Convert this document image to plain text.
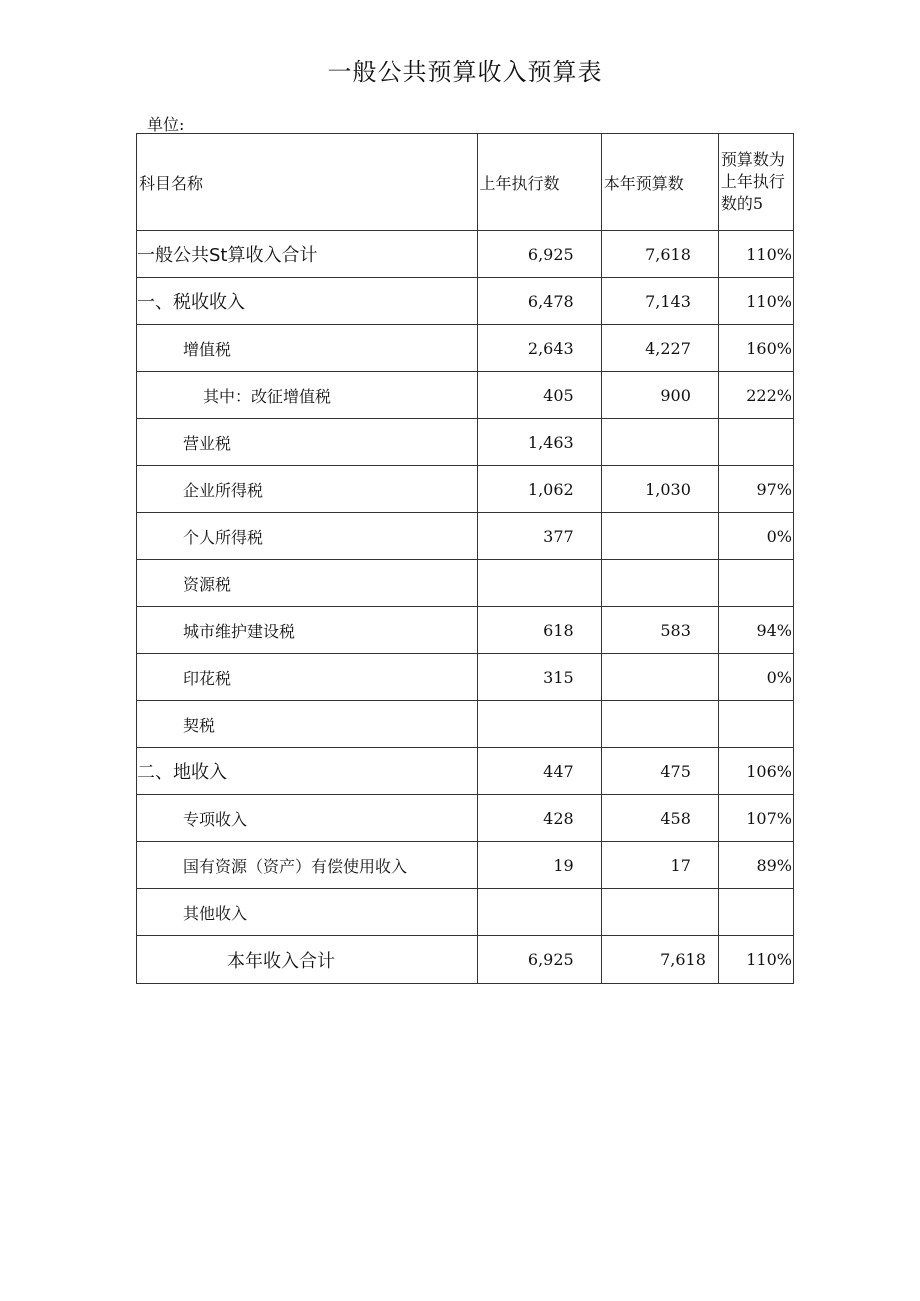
一般公共预算收入预算表
单位:
科目名称	上年执行数	本年预算数	预算数为上年执行数的5
一般公共St算收入合计	6,925	7,618	110%
一、税收收入	6,478	7,143	110%
增值税	2,643	4,227	160%
其中：改征增值税	405	900	222%
营业税	1,463		
企业所得税	1,062	1,030	97%
个人所得税	377		0%
资源税			
城市维护建设税	618	583	94%
印花税	315		0%
契税			
二、地收入	447	475	106%
专项收入	428	458	107%
国有资源（资产）有偿使用收入	19	17	89%
其他收入			
本年收入合计	6,925	7,618	110%
